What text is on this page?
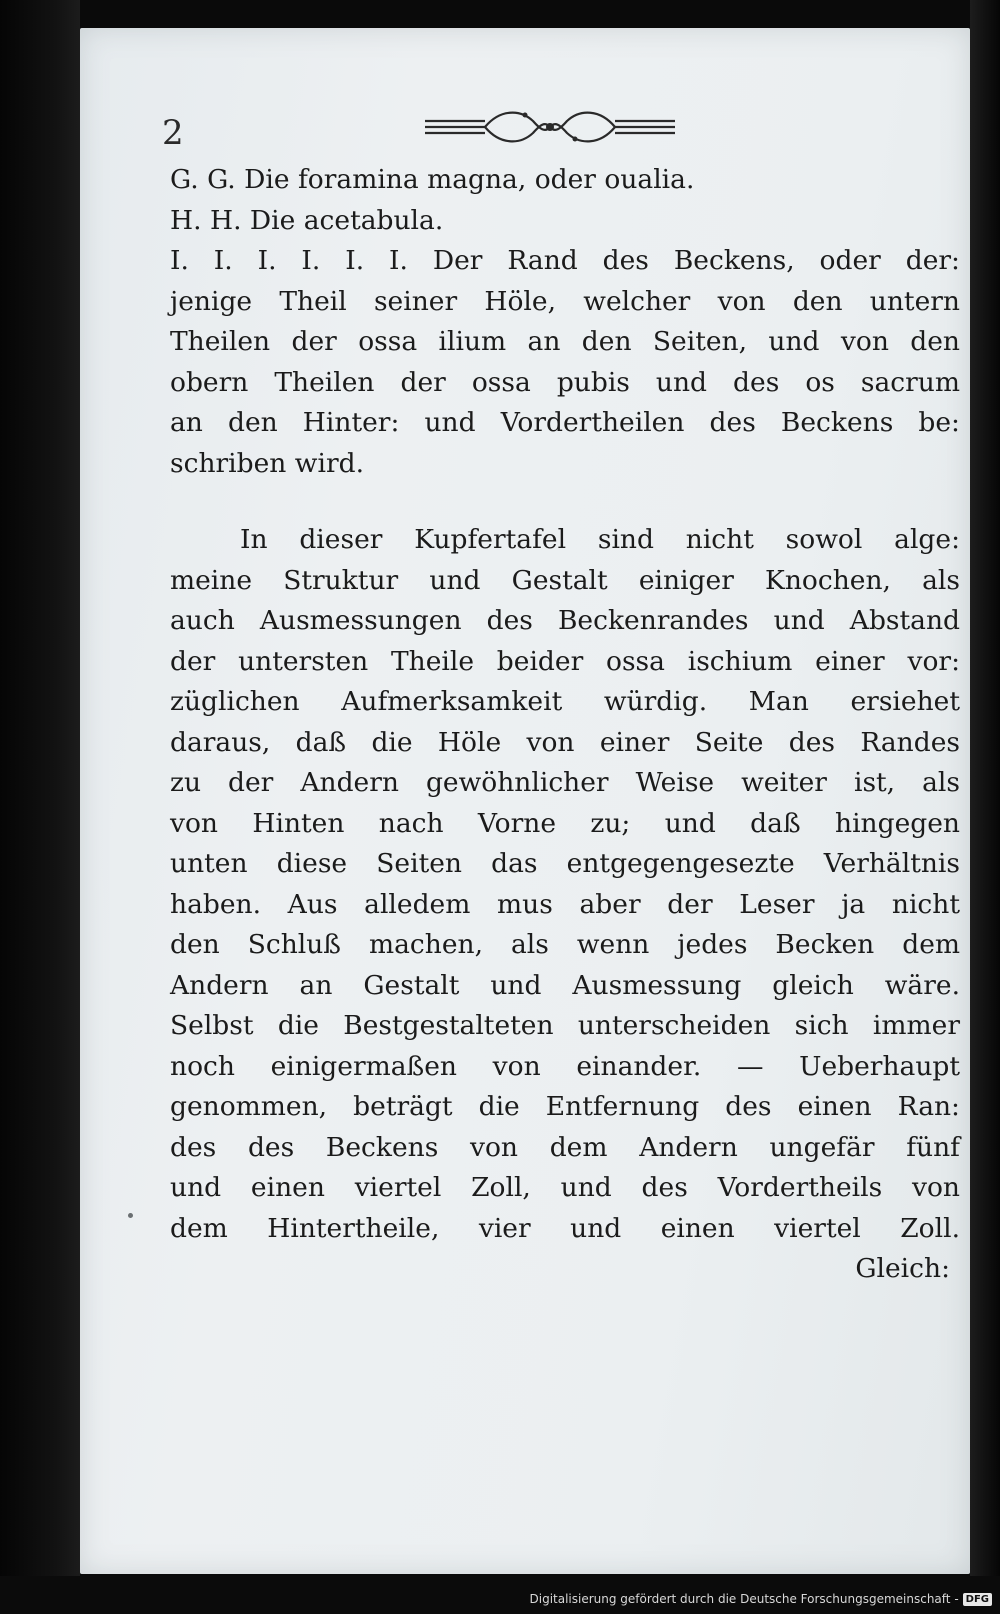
2
G. G. Die foramina magna, oder oualia.
H. H. Die acetabula.
I. I. I. I. I. I. Der Rand des Beckens, oder der:
jenige Theil seiner Höle, welcher von den untern
Theilen der ossa ilium an den Seiten, und von den
obern Theilen der ossa pubis und des os sacrum
an den Hinter: und Vordertheilen des Beckens be:
schriben wird.
In dieser Kupfertafel sind nicht sowol alge:
meine Struktur und Gestalt einiger Knochen, als
auch Ausmessungen des Beckenrandes und Abstand
der untersten Theile beider ossa ischium einer vor:
züglichen Aufmerksamkeit würdig. Man ersiehet
daraus, daß die Höle von einer Seite des Randes
zu der Andern gewöhnlicher Weise weiter ist, als
von Hinten nach Vorne zu; und daß hingegen
unten diese Seiten das entgegengesezte Verhältnis
haben. Aus alledem mus aber der Leser ja nicht
den Schluß machen, als wenn jedes Becken dem
Andern an Gestalt und Ausmessung gleich wäre.
Selbst die Bestgestalteten unterscheiden sich immer
noch einigermaßen von einander. — Ueberhaupt
genommen, beträgt die Entfernung des einen Ran:
des des Beckens von dem Andern ungefär fünf
und einen viertel Zoll, und des Vordertheils von
dem Hintertheile, vier und einen viertel Zoll.
Gleich:
Digitalisierung gefördert durch die Deutsche Forschungsgemeinschaft - DFG
